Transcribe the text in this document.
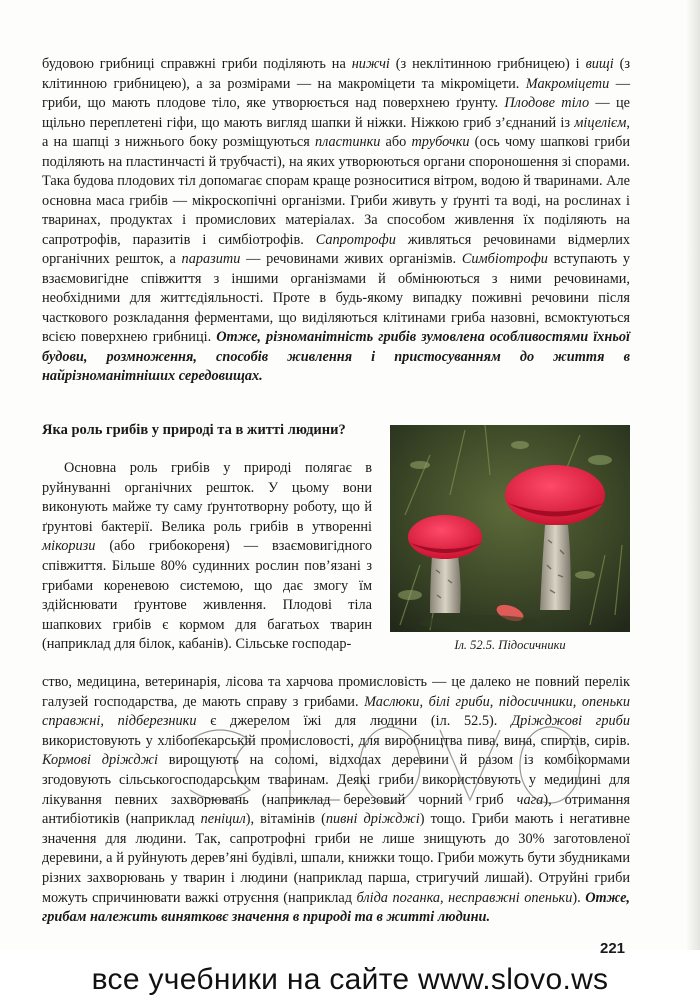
будовою грибниці справжні гриби поділяють на нижчі (з неклітинною грибницею) і вищі (з клітинною грибницею), а за розмірами — на макроміцети та мікроміцети. Макроміцети — гриби, що мають плодове тіло, яке утворюється над поверхнею ґрунту. Плодове тіло — це щільно переплетені гіфи, що мають вигляд шапки й ніжки. Ніжкою гриб з’єднаний із міцелієм, а на шапці з нижнього боку розміщуються пластинки або трубочки (ось чому шапкові гриби поділяють на пластинчасті й трубчасті), на яких утворюються органи спороношення зі спорами. Така будова плодових тіл допомагає спорам краще розноситися вітром, водою й тваринами. Але основна маса грибів — мікроскопічні організми. Гриби живуть у ґрунті та воді, на рослинах і тваринах, продуктах і промислових матеріалах. За способом живлення їх поділяють на сапротрофів, паразитів і симбіотрофів. Сапротрофи живляться речовинами відмерлих органічних решток, а паразити — речовинами живих організмів. Симбіотрофи вступають у взаємовигідне співжиття з іншими організмами й обмінюються з ними речовинами, необхідними для життєдіяльності. Проте в будь-якому випадку поживні речовини після часткового розкладання ферментами, що виділяються клітинами гриба назовні, всмоктуються всією поверхнею грибниці. Отже, різноманітність грибів зумовлена особливостями їхньої будови, розмноження, способів живлення і пристосуванням до життя в найрізноманітніших середовищах.
Яка роль грибів у природі та в житті людини?
Основна роль грибів у природі полягає в руйнуванні органічних решток. У цьому вони виконують майже ту саму ґрунтотворну роботу, що й ґрунтові бактерії. Велика роль грибів в утворенні мікоризи (або грибокореня) — взаємовигідного співжиття. Більше 80% судинних рослин пов’язані з грибами кореневою системою, що дає змогу їм здійснювати ґрунтове живлення. Плодові тіла шапкових грибів є кормом для багатьох тварин (наприклад для білок, кабанів). Сільське господар-	Іл. 52.5. Підосичники
ство, медицина, ветеринарія, лісова та харчова промисловість — це далеко не повний перелік галузей господарства, де мають справу з грибами. Маслюки, білі гриби, підосичники, опеньки справжні, підберезники є джерелом їжі для людини (іл. 52.5). Дріжджові гриби використовують у хлібопекарській промисловості, для виробництва пива, вина, спиртів, сирів. Кормові дріжджі вирощують на соломі, відходах деревини й разом із комбікормами згодовують сільськогосподарським тваринам. Деякі гриби використовують у медицині для лікування певних захворювань (наприклад березовий чорний гриб чага), отримання антибіотиків (наприклад пеніцил), вітамінів (пивні дріжджі) тощо. Гриби мають і негативне значення для людини. Так, сапротрофні гриби не лише знищують до 30% заготовленої деревини, а й руйнують дерев’яні будівлі, шпали, книжки тощо. Гриби можуть бути збудниками різних захворювань у тварин і людини (наприклад парша, стригучий лишай). Отруйні гриби можуть спричинювати важкі отруєння (наприклад бліда поганка, несправжні опеньки). Отже, грибам належить винятковє значення в природі та в житті людини.
221
все учебники на сайте www.slovo.ws
